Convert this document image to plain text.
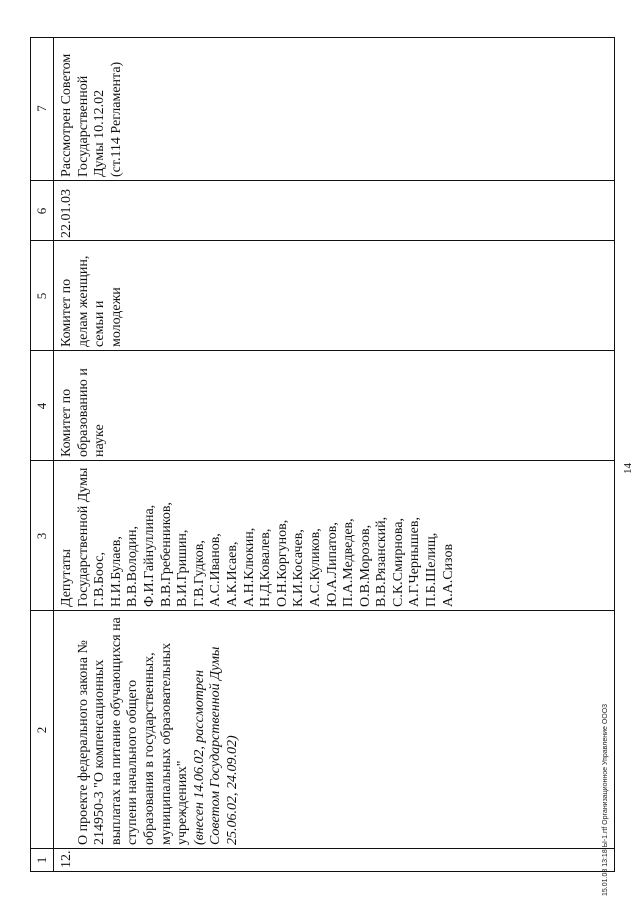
1
2
3
4
5
6
7
12.

О проекте федерального закона № 214950-3 "О компенсационных выплатах на питание обучающихся на ступени начального общего образования в государственных, муниципальных образовательных учреждениях" (внесен 14.06.02, рассмотрен Советом Государственной Думы 25.06.02, 24.09.02)

Депутаты Государственной Думы
Г.В.Боос,
Н.И.Булаев,
В.В.Володин,
Ф.И.Гайнуллина,
В.В.Гребенников,
В.И.Гришин,
Г.В.Гудков,
А.С.Иванов,
А.К.Исаев,
А.Н.Клюкин,
Н.Д.Ковалев,
О.Н.Коргунов,
К.И.Косачев,
А.С.Куликов,
Ю.А.Липатов,
П.А.Медведев,
О.В.Морозов,
В.В.Рязанский,
С.К.Смирнова,
А.Г.Чернышев,
П.Б.Шелищ,
А.А.Сизов
Комитет по образованию и науке
Комитет по делам женщин, семьи и молодежи
22.01.03
Рассмотрен Советом Государственной Думы 10.12.02
(ст.114 Регламента)
14
15.01.03 13:18 Ы-1.rtf Организационное Управление ООО3
